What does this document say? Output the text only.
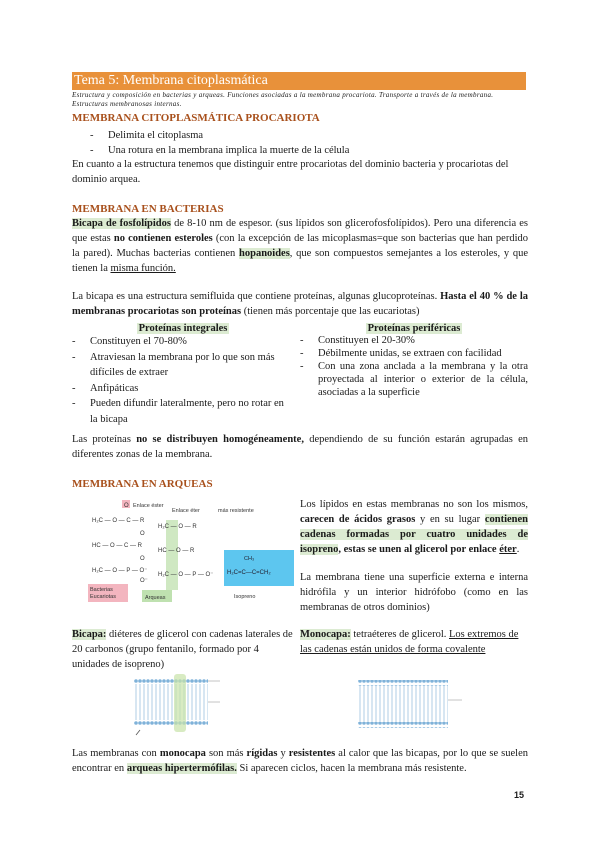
Tema 5: Membrana citoplasmática
Estructura y composición en bacterias y arqueas. Funciones asociadas a la membrana procariota. Transporte a través de la membrana. Estructuras membranosas internas.
MEMBRANA CITOPLASMÁTICA PROCARIOTA
-	Delimita el citoplasma
-	Una rotura en la membrana implica la muerte de la célula
En cuanto a la estructura tenemos que distinguir entre procariotas del dominio bacteria y procariotas del dominio arquea.
MEMBRANA EN BACTERIAS
Bicapa de fosfolípidos de 8-10 nm de espesor. (sus lípidos son glicerofosfolípidos). Pero una diferencia es que estas no contienen esteroles (con la excepción de las micoplasmas=que son bacterias que han perdido la pared). Muchas bacterias contienen hopanoides, que son compuestos semejantes a los esteroles, y que tienen la misma función.
La bicapa es una estructura semifluida que contiene proteínas, algunas glucoproteínas. Hasta el 40 % de la membranas procariotas son proteínas (tienen más porcentaje que las eucariotas)
Proteínas integrales
-	Constituyen el 70-80%
-	Atraviesan la membrana por lo que son más difíciles de extraer
-	Anfipáticas
-	Pueden difundir lateralmente, pero no rotar en la bicapa
Proteínas periféricas
-	Constituyen el 20-30%
-	Débilmente unidas, se extraen con facilidad
-	Con una zona anclada a la membrana y la otra proyectada al interior o exterior de la célula, asociadas a la superficie
Las proteínas no se distribuyen homogéneamente, dependiendo de su función estarán agrupadas en diferentes zonas de la membrana.
MEMBRANA EN ARQUEAS
Bacterias
Eucariotas
O Enlace éster
H₂C — O — C — R
HC — O — C — R
H₂C — O — P — O⁻
O
O
O⁻
Arqueas
Enlace éter	más resistente
H₂C — O — R
HC — O — R
H₂C — O — P — O⁻
CH₃
H₂C=C—C=CH₂
Isopreno
Los lípidos en estas membranas no son los mismos, carecen de ácidos grasos y en su lugar contienen cadenas formadas por cuatro unidades de isopreno, estas se unen al glicerol por enlace éter.
La membrana tiene una superficie externa e interna hidrófila y un interior hidrófobo (como en las membranas de otros dominios)
Bicapa: diéteres de glicerol con cadenas laterales de 20 carbonos (grupo fentanilo, formado por 4 unidades de isopreno)
Monocapa: tetraéteres de glicerol. Los extremos de las cadenas están unidos de forma covalente
Las membranas con monocapa son más rígidas y resistentes al calor que las bicapas, por lo que se suelen encontrar en arqueas hipertermófilas. Si aparecen ciclos, hacen la membrana más resistente.
15
